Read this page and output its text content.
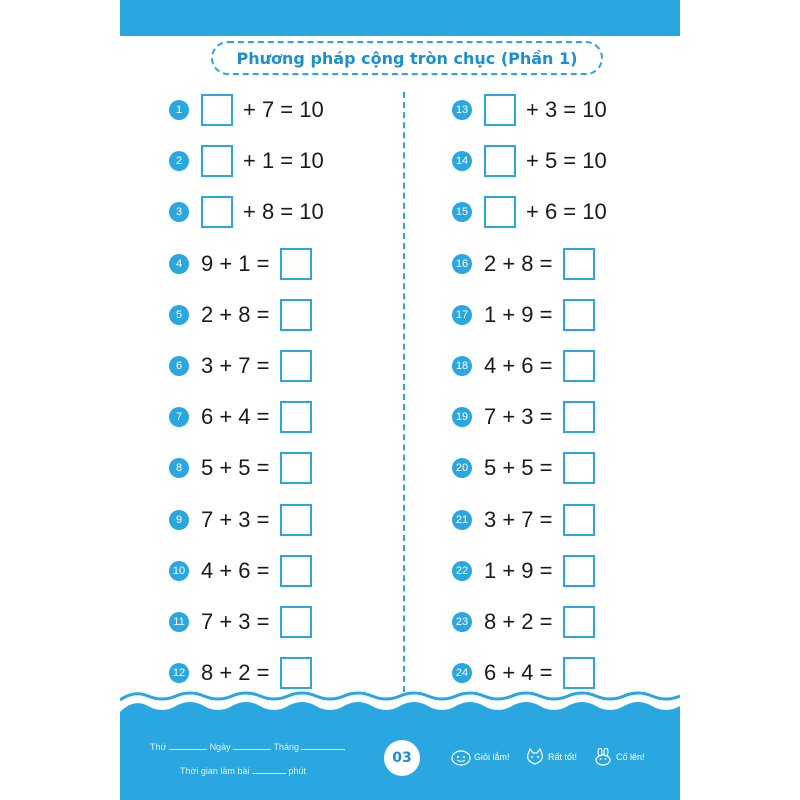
Phương pháp cộng tròn chục (Phần 1)
1	+ 7 = 10
2	+ 1 = 10
3	+ 8 = 10
4 9 + 1 =
5 2 + 8 =
6 3 + 7 =
7 6 + 4 =
8 5 + 5 =
9 7 + 3 =
10 4 + 6 =
11 7 + 3 =
12 8 + 2 =
13	+ 3 = 10
14	+ 5 = 10
15	+ 6 = 10
16 2 + 8 =
17 1 + 9 =
18 4 + 6 =
19 7 + 3 =
20 5 + 5 =
21 3 + 7 =
22 1 + 9 =
23 8 + 2 =
24 6 + 4 =
Thứ	Ngày	Tháng
Thời gian làm bài	phút
03	Giỏi lắm!	Rất tốt!	Cố lên!
